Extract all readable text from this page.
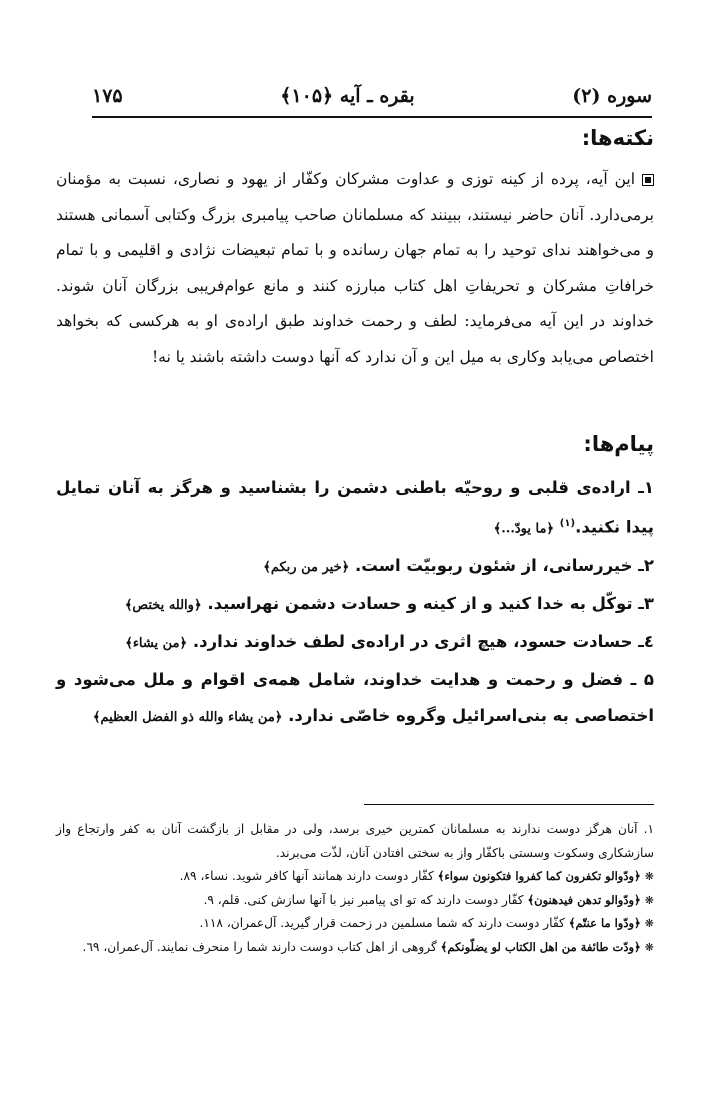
سوره (۲)
بقره ـ آیه ﴿۱۰۵﴾
۱۷۵
نکته‌ها:
این آیه، پرده از کینه توزی و عداوت مشرکان وکفّار از یهود و نصاری، نسبت به مؤمنان برمی‌دارد. آنان حاضر نیستند، ببینند که مسلمانان صاحب پیامبری بزرگ وکتابی آسمانی هستند و می‌خواهند ندای توحید را به تمام جهان رسانده و با تمام تبعیضات نژادی و اقلیمی و با تمام خرافاتِ مشرکان و تحریفاتِ اهل کتاب مبارزه کنند و مانع عوام‌فریبی بزرگان آنان شوند. خداوند در این آیه می‌فرماید: لطف و رحمت خداوند طبق اراده‌ی او به هرکسی که بخواهد اختصاص می‌یابد وکاری به میل این و آن ندارد که آنها دوست داشته باشند یا نه!
پیام‌ها:

۱ـ اراده‌ی قلبی و روحیّه باطنی دشمن را بشناسید و هرگز به آنان تمایل پیدا نکنید.$^{(۱)}$ ﴿ما یودّ...﴾

۲ـ خیررسانی، از شئون ربوبیّت است. ﴿خیر من ربکم﴾

۳ـ توکّل به خدا کنید و از کینه و حسادت دشمن نهراسید. ﴿والله یختص﴾

٤ـ حسادت حسود، هیچ اثری در اراده‌ی لطف خداوند ندارد. ﴿من یشاء﴾

۵ ـ فضل و رحمت و هدایت خداوند، شامل همه‌ی اقوام و ملل می‌شود و اختصاصی به بنی‌اسرائیل وگروه خاصّی ندارد. ﴿من یشاء والله ذو الفضل العظیم﴾

۱. آنان هرگز دوست ندارند به مسلمانان کمترین خیری برسد، ولی در مقابل از بازگشت آنان به کفر وارتجاع واز سازشکاری وسکوت وسستی باکفّار واز به سختی افتادن آنان، لذّت می‌برند.

❋﴿ودّوالو تکفرون کما کفروا فتکونون سواء﴾ کفّار دوست دارند همانند آنها کافر شوید. نساء، ۸۹.

❋﴿ودّوالو تدهن فیدهنون﴾ کفّار دوست دارند که تو ای پیامبر نیز با آنها سازش کنی. قلم، ۹.

❋﴿ودّوا ما عنتّم﴾ کفّار دوست دارند که شما مسلمین در زحمت قرار گیرید. آل‌عمران، ۱۱۸.

❋﴿ودّت طائفة من اهل الکتاب لو یضلّونکم﴾ گروهی از اهل کتاب دوست دارند شما را منحرف نمایند. آل‌عمران، ٦٩.
